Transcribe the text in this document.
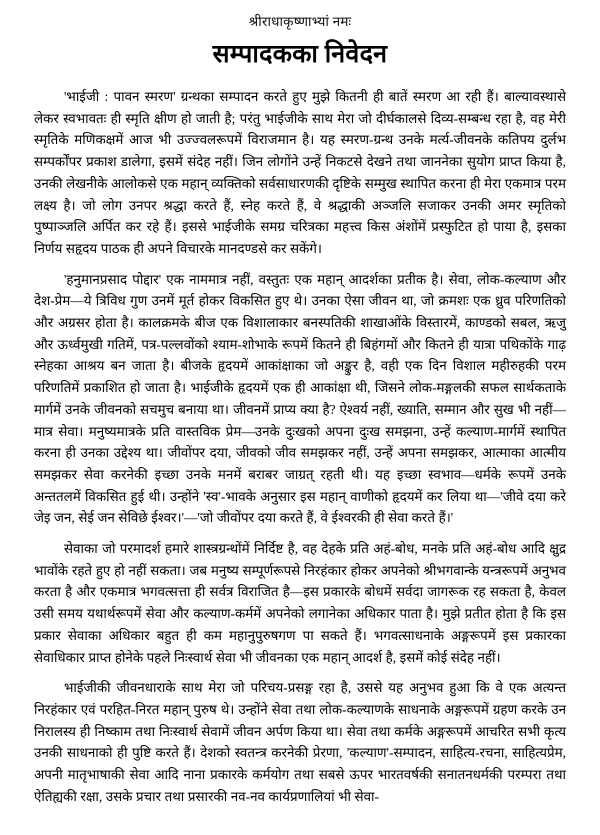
श्रीराधाकृष्णाभ्यां नमः
सम्पादकका निवेदन

'भाईजी : पावन स्मरण' ग्रन्थका सम्पादन करते हुए मुझे कितनी ही बातें स्मरण आ रही हैं। बाल्यावस्थासे लेकर स्वभावतः ही स्मृति क्षीण हो जाती है; परंतु भाईजीके साथ मेरा जो दीर्घकालसे दिव्य-सम्बन्ध रहा है, वह मेरी स्मृतिके मणिकक्षमें आज भी उज्ज्वलरूपमें विराजमान है। यह स्मरण-ग्रन्थ उनके मर्त्य-जीवनके कतिपय दुर्लभ सम्पर्कोंपर प्रकाश डालेगा, इसमें संदेह नहीं। जिन लोगोंने उन्हें निकटसे देखने तथा जाननेका सुयोग प्राप्त किया है, उनकी लेखनीके आलोकसे एक महान् व्यक्तिको सर्वसाधारणकी दृष्टिके सम्मुख स्थापित करना ही मेरा एकमात्र परम लक्ष्य है। जो लोग उनपर श्रद्धा करते हैं, स्नेह करते हैं, वे श्रद्धाकी अञ्जलि सजाकर उनकी अमर स्मृतिको पुष्पाञ्जलि अर्पित कर रहे हैं। इससे भाईजीके समग्र चरित्रका महत्त्व किस अंशोंमें प्रस्फुटित हो पाया है, इसका निर्णय सहृदय पाठक ही अपने विचारके मानदण्डसे कर सकेंगे।

'हनुमानप्रसाद पोद्दार' एक नाममात्र नहीं, वस्तुतः एक महान् आदर्शका प्रतीक है। सेवा, लोक-कल्याण और देश-प्रेम—ये त्रिविध गुण उनमें मूर्त होकर विकसित हुए थे। उनका ऐसा जीवन था, जो क्रमशः एक ध्रुव परिणतिको और अग्रसर होता है। कालक्रमके बीज एक विशालाकार बनस्पतिकी शाखाओंके विस्तारमें, काण्डको सबल, ऋजु और ऊर्ध्वमुखी गतिमें, पत्र-पल्लवोंको श्याम-शोभाके रूपमें कितने ही बिहंगमों और कितने ही यात्रा पथिकोंके गाढ़ स्नेहका आश्रय बन जाता है। बीजके हृदयमें आकांक्षाका जो अङ्कुर है, वही एक दिन विशाल महीरुहकी परम परिणतिमें प्रकाशित हो जाता है। भाईजीके हृदयमें एक ही आकांक्षा थी, जिसने लोक-मङ्गलकी सफल सार्थकताके मार्गमें उनके जीवनको सचमुच बनाया था। जीवनमें प्राप्य क्या है? ऐश्वर्य नहीं, ख्याति, सम्मान और सुख भी नहीं—मात्र सेवा। मनुष्यमात्रके प्रति वास्तविक प्रेम—उनके दुःखको अपना दुःख समझना, उन्हें कल्याण-मार्गमें स्थापित करना ही उनका उद्देश्य था। जीवोंपर दया, जीवको जीव समझकर नहीं, उन्हें अपना समझकर, आत्माका आत्मीय समझकर सेवा करनेकी इच्छा उनके मनमें बराबर जाग्रत् रहती थी। यह इच्छा स्वभाव—धर्मके रूपमें उनके अन्ततलमें विकसित हुई थी। उन्होंने 'स्व'-भावके अनुसार इस महान् वाणीको हृदयमें कर लिया था—'जीवे दया करे जेइ जन, सेई जन सेविछे ईश्वर।'—'जो जीवोंपर दया करते हैं, वे ईश्वरकी ही सेवा करते हैं।'

सेवाका जो परमादर्श हमारे शास्त्रग्रन्थोंमें निर्दिष्ट है, वह देहके प्रति अहं-बोध, मनके प्रति अहं-बोध आदि क्षुद्र भावोंके रहते हुए हो नहीं सकता। जब मनुष्य सम्पूर्णरूपसे निरहंकार होकर अपनेको श्रीभगवान्के यन्त्ररूपमें अनुभव करता है और एकमात्र भगवत्सत्ता ही सर्वत्र विराजित है—इस प्रकारके बोधमें सर्वदा जागरूक रह सकता है, केवल उसी समय यथार्थरूपमें सेवा और कल्याण-कर्ममें अपनेको लगानेका अधिकार पाता है। मुझे प्रतीत होता है कि इस प्रकार सेवाका अधिकार बहुत ही कम महानुपुरुषगण पा सकते हैं। भगवत्साधनाके अङ्गरूपमें इस प्रकारका सेवाधिकार प्राप्त होनेके पहले निःस्वार्थ सेवा भी जीवनका एक महान् आदर्श है, इसमें कोई संदेह नहीं।

भाईजीकी जीवनधाराके साथ मेरा जो परिचय-प्रसङ्ग रहा है, उससे यह अनुभव हुआ कि वे एक अत्यन्त निरहंकार एवं परहित-निरत महान् पुरुष थे। उन्होंने सेवा तथा लोक-कल्याणके साधनाके अङ्गरूपमें ग्रहण करके उन निरालस्य ही निष्काम तथा निःस्वार्थ सेवामें जीवन अर्पण किया था। सेवा तथा कर्मके अङ्गरूपमें आचरित सभी कृत्य उनकी साधनाको ही पुष्टि करते हैं। देशको स्वतन्त्र करनेकी प्रेरणा, 'कल्याण'-सम्पादन, साहित्य-रचना, साहित्यप्रेम, अपनी मातृभाषाकी सेवा आदि नाना प्रकारके कर्मयोग तथा सबसे ऊपर भारतवर्षकी सनातनधर्मकी परम्परा तथा ऐतिह्यकी रक्षा, उसके प्रचार तथा प्रसारकी नव-नव कार्यप्रणालियां भी सेवा-
